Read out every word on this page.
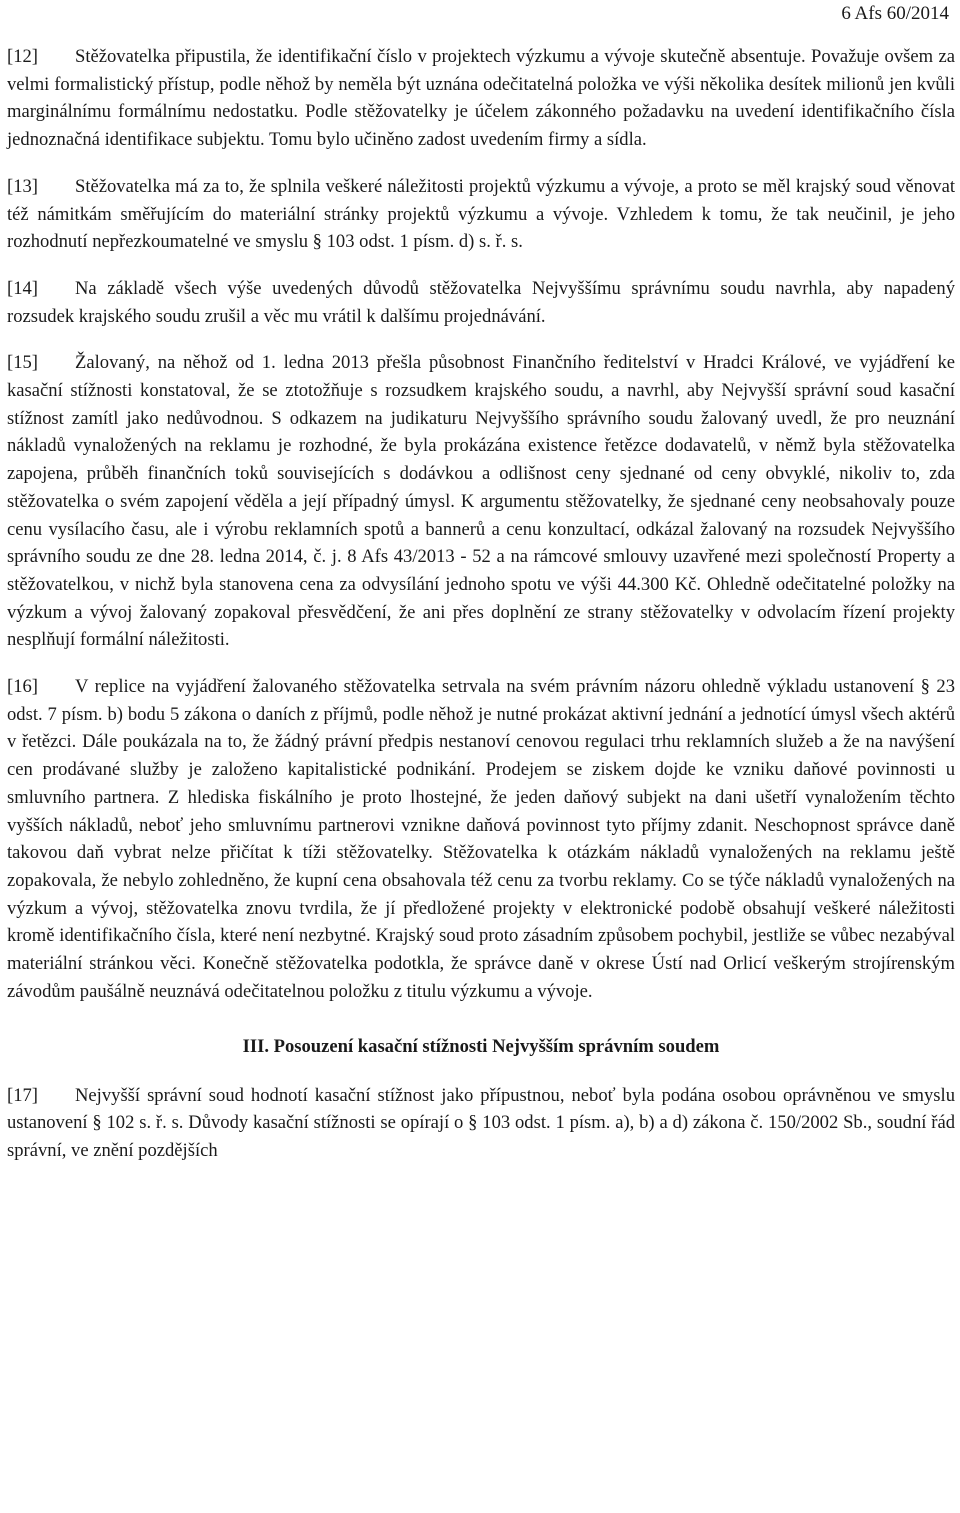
6 Afs 60/2014

[12] Stěžovatelka připustila, že identifikační číslo v projektech výzkumu a vývoje skutečně absentuje. Považuje ovšem za velmi formalistický přístup, podle něhož by neměla být uznána odečitatelná položka ve výši několika desítek milionů jen kvůli marginálnímu formálnímu nedostatku. Podle stěžovatelky je účelem zákonného požadavku na uvedení identifikačního čísla jednoznačná identifikace subjektu. Tomu bylo učiněno zadost uvedením firmy a sídla.

[13] Stěžovatelka má za to, že splnila veškeré náležitosti projektů výzkumu a vývoje, a proto se měl krajský soud věnovat též námitkám směřujícím do materiální stránky projektů výzkumu a vývoje. Vzhledem k tomu, že tak neučinil, je jeho rozhodnutí nepřezkoumatelné ve smyslu § 103 odst. 1 písm. d) s. ř. s.

[14] Na základě všech výše uvedených důvodů stěžovatelka Nejvyššímu správnímu soudu navrhla, aby napadený rozsudek krajského soudu zrušil a věc mu vrátil k dalšímu projednávání.

[15] Žalovaný, na něhož od 1. ledna 2013 přešla působnost Finančního ředitelství v Hradci Králové, ve vyjádření ke kasační stížnosti konstatoval, že se ztotožňuje s rozsudkem krajského soudu, a navrhl, aby Nejvyšší správní soud kasační stížnost zamítl jako nedůvodnou. S odkazem na judikaturu Nejvyššího správního soudu žalovaný uvedl, že pro neuznání nákladů vynaložených na reklamu je rozhodné, že byla prokázána existence řetězce dodavatelů, v němž byla stěžovatelka zapojena, průběh finančních toků souvisejících s dodávkou a odlišnost ceny sjednané od ceny obvyklé, nikoliv to, zda stěžovatelka o svém zapojení věděla a její případný úmysl. K argumentu stěžovatelky, že sjednané ceny neobsahovaly pouze cenu vysílacího času, ale i výrobu reklamních spotů a bannerů a cenu konzultací, odkázal žalovaný na rozsudek Nejvyššího správního soudu ze dne 28. ledna 2014, č. j. 8 Afs 43/2013 - 52 a na rámcové smlouvy uzavřené mezi společností Property a stěžovatelkou, v nichž byla stanovena cena za odvysílání jednoho spotu ve výši 44.300 Kč. Ohledně odečitatelné položky na výzkum a vývoj žalovaný zopakoval přesvědčení, že ani přes doplnění ze strany stěžovatelky v odvolacím řízení projekty nesplňují formální náležitosti.

[16] V replice na vyjádření žalovaného stěžovatelka setrvala na svém právním názoru ohledně výkladu ustanovení § 23 odst. 7 písm. b) bodu 5 zákona o daních z příjmů, podle něhož je nutné prokázat aktivní jednání a jednotící úmysl všech aktérů v řetězci. Dále poukázala na to, že žádný právní předpis nestanoví cenovou regulaci trhu reklamních služeb a že na navýšení cen prodávané služby je založeno kapitalistické podnikání. Prodejem se ziskem dojde ke vzniku daňové povinnosti u smluvního partnera. Z hlediska fiskálního je proto lhostejné, že jeden daňový subjekt na dani ušetří vynaložením těchto vyšších nákladů, neboť jeho smluvnímu partnerovi vznikne daňová povinnost tyto příjmy zdanit. Neschopnost správce daně takovou daň vybrat nelze přičítat k tíži stěžovatelky. Stěžovatelka k otázkám nákladů vynaložených na reklamu ještě zopakovala, že nebylo zohledněno, že kupní cena obsahovala též cenu za tvorbu reklamy. Co se týče nákladů vynaložených na výzkum a vývoj, stěžovatelka znovu tvrdila, že jí předložené projekty v elektronické podobě obsahují veškeré náležitosti kromě identifikačního čísla, které není nezbytné. Krajský soud proto zásadním způsobem pochybil, jestliže se vůbec nezabýval materiální stránkou věci. Konečně stěžovatelka podotkla, že správce daně v okrese Ústí nad Orlicí veškerým strojírenským závodům paušálně neuznává odečitatelnou položku z titulu výzkumu a vývoje.

III. Posouzení kasační stížnosti Nejvyšším správním soudem

[17] Nejvyšší správní soud hodnotí kasační stížnost jako přípustnou, neboť byla podána osobou oprávněnou ve smyslu ustanovení § 102 s. ř. s. Důvody kasační stížnosti se opírají o § 103 odst. 1 písm. a), b) a d) zákona č. 150/2002 Sb., soudní řád správní, ve znění pozdějších
